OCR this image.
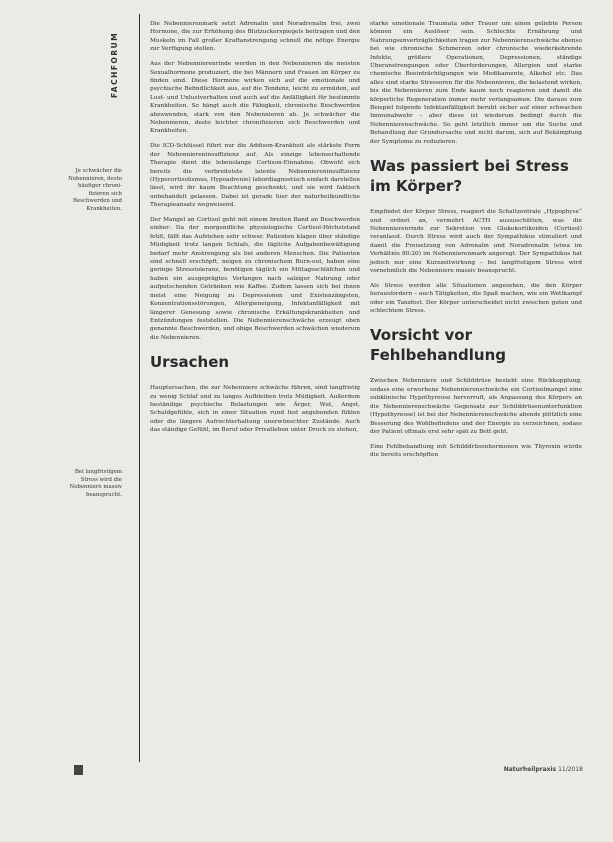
Je schwächer die Nebennieren, desto häufiger chroni-fizieren sich Beschwerden und Krankheiten.
Bei langfristigem Stress wird die Nebenniere massiv beansprucht.
FACHFORUM

Die Nebennierenmark setzt Adrenalin und Noradrenalin frei, zwei Hormone, die zur Erhöhung des Blutzuckerspiegels beitragen und den Muskeln im Fall großer Kraftanstrengung schnell die nötige Energie zur Verfügung stellen.

Aus der Nebennierenrinde werden in den Nebennieren die meisten Sexualhormone produziert, die bei Männern und Frauen im Körper zu finden sind. Diese Hormone wirken sich auf die emotionale und psychische Befindlichkeit aus, auf die Tendenz, leicht zu ermüden, auf Lust- und Unlustverhalten und auch auf die Anfälligkeit für bestimmte Krankheiten. So hängt auch die Fähigkeit, chronische Beschwerden abzuwenden, stark von den Nebennieren ab. Je schwächer die Nebennieren, desto leichter chronifizieren sich Beschwerden und Krankheiten.

Die ICD-Schlüssel führt nur die Addison-Krankheit als stärkste Form der Nebenniereninsuffizienz auf. Als einzige lebenserhaltende Therapie dient die lebenslange Cortison-Einnahme. Obwohl sich bereits die verbreitetste latente Nebenniereninsuffizienz (Hypocortisolismus, Hypoadrenie) labordiagnostisch einfach darstellen lässt, wird ihr kaum Beachtung geschenkt, und sie wird faktisch unbehandelt gelassen. Dabei ist gerade hier der naturheilkundliche Therapieansatz wegweisend.

Der Mangel an Cortisol geht mit einem breiten Band an Beschwerden einher: Da der morgendliche physiologische Cortisol-Höchststand fehlt, fällt das Aufstehen sehr schwer. Patienten klagen über ständige Müdigkeit trotz langen Schlafs, die tägliche Aufgabenbewältigung bedarf mehr Anstrengung als bei anderen Menschen. Die Patienten sind schnell erschöpft, neigen zu chronischem Burn-out, haben eine geringe Stresstoleranz, benötigen täglich ein Mittagsschläfchen und haben ein ausgeprägtes Verlangen nach salziger Nahrung oder aufputschenden Getränken wie Kaffee. Zudem lassen sich bei ihnen meist eine Neigung zu Depressionen und Existenzängsten, Konzentrationsstörungen, Allergieneigung, Infektanfälligkeit mit längerer Genesung sowie chronische Erkältungskrankheiten und Entzündungen feststellen. Die Nebennierenschwäche erzeugt oben genannte Beschwerden, und obige Beschwerden schwächen wiederum die Nebennieren.

Ursachen

Hauptursachen, die zur Nebenniere schwäche führen, sind langfristig zu wenig Schlaf und zu langes Aufbleiben trotz Müdigkeit. Außerdem beständige psychische Belastungen wie Ärger, Wut, Angst, Schuldgefühle, sich in einer Situation rund fest angebunden fühlen oder die längere Aufrechterhaltung unerwünschter Zustände. Auch das ständige Gefühl, im Beruf oder Privatleben unter Druck zu stehen,

starke emotionale Traumata oder Trauer um einen geliebte Person können ein Auslöser sein. Schlechte Ernährung und Nahrungsunverträglichkeiten tragen zur Nebennierenschwäche ebenso bei wie chronische Schmerzen oder chronische wiederkehrende Infekte, größere Operationen, Depressionen, ständige Überanstrengungen oder Überforderungen, Allergien und starke chemische Beeinträchtigungen wie Medikamente, Alkohol etc. Das alles sind starke Stressoren für die Nebennieren, die belastend wirken, bis die Nebennieren zum Ende kaum noch reagieren und damit die körperliche Regeneration immer mehr verlangsamen. Die daraus zum Beispiel folgende Infektanfälligkeit beruht sicher auf einer schwachen Immunabwehr – aber diese ist wiederum bedingt durch die Nebennierenschwäche. So geht letztlich immer um die Suche und Behandlung der Grundursache und nicht darum, sich auf Bekämpfung der Symptome zu reduzieren.

Was passiert bei Stress im Körper?

Empfindet der Körper Stress, reagiert die Schaltzentrale „Hypophyse“ und ordnet an, vermehrt ACTH auszuschütten, was die Nebennierenrinde zur Sekretion von Glukokortikoiden (Cortisol) veranlasst. Durch Stress wird auch der Sympathikus stimuliert und damit die Freisetzung von Adrenalin und Noradrenalin (etwa im Verhältnis 80:20) im Nebennierenmark angeregt. Der Sympathikus hat jedoch nur eine Kurzzeitwirkung – bei langfristigem Stress wird vornehmlich die Nebenniere massiv beansprucht.

Als Stress werden alle Situationen angesehen, die den Körper herausfordern – auch Tätigkeiten, die Spaß machen, wie ein Wettkampf oder ein Tanzfest. Der Körper unterscheidet nicht zwischen guten und schlechtem Stress.

Vorsicht vor Fehlbehandlung

Zwischen Nebenniere und Schilddrüse besteht eine Rückkopplung, sodass eine erworbene Nebennierenschwäche ein Cortisolmangel eine subklinische Hypothyreose hervorruft, als Anpassung des Körpers an die Nebennierenschwäche Gegensatz zur Schilddrüsenunterfunktion (Hypothyreose) ist bei der Nebennierenschwäche abends plötzlich eine Besserung des Wohlbefindens und der Energie zu verzeichnen, sodass der Patient oftmals erst sehr spät zu Bett geht.

Eine Fehlbehandlung mit Schilddrüsenhormonen wie Thyroxin würde die bereits erschöpften

Naturheilpraxis 11/2018
